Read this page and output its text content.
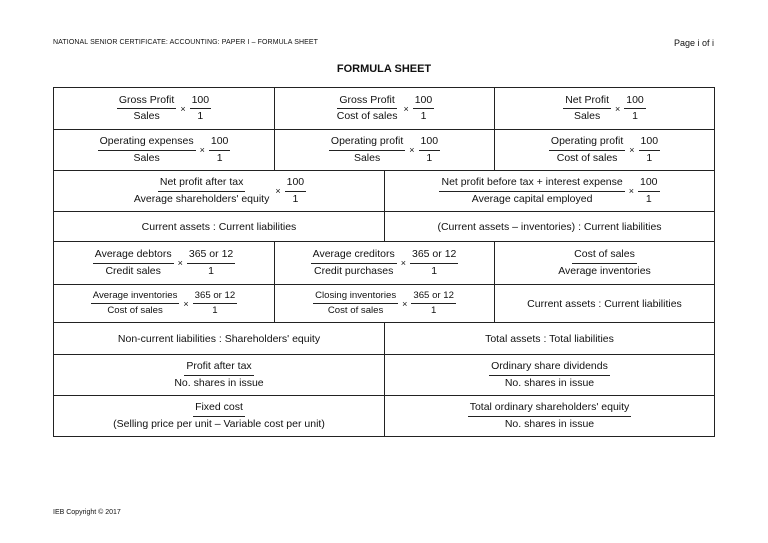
NATIONAL SENIOR CERTIFICATE: ACCOUNTING: PAPER I – FORMULA SHEET	Page i of i
FORMULA SHEET
$\frac{\text{Gross Profit}}{\text{Sales}} \times \frac{100}{1}$	$\frac{\text{Gross Profit}}{\text{Cost of sales}} \times \frac{100}{1}$	$\frac{\text{Net Profit}}{\text{Sales}} \times \frac{100}{1}$
$\frac{\text{Operating expenses}}{\text{Sales}} \times \frac{100}{1}$	$\frac{\text{Operating profit}}{\text{Sales}} \times \frac{100}{1}$	$\frac{\text{Operating profit}}{\text{Cost of sales}} \times \frac{100}{1}$
$\frac{\text{Net profit after tax}}{\text{Average shareholders' equity}} \times \frac{100}{1}$	$\frac{\text{Net profit before tax + interest expense}}{\text{Average capital employed}} \times \frac{100}{1}$
Current assets : Current liabilities	(Current assets – inventories) : Current liabilities
$\frac{\text{Average debtors}}{\text{Credit sales}} \times \frac{365 or 12}{1}$	$\frac{\text{Average creditors}}{\text{Credit purchases}} \times \frac{365 or 12}{1}$	$\frac{\text{Cost of sales}}{\text{Average inventories}}$
$\frac{\text{Average inventories}}{\text{Cost of sales}} \times \frac{365 or 12}{1}$	$\frac{\text{Closing inventories}}{\text{Cost of sales}} \times \frac{365 or 12}{1}$	Current assets : Current liabilities
Non-current liabilities : Shareholders' equity	Total assets : Total liabilities
$\frac{\text{Profit after tax}}{\text{No. shares in issue}}$	$\frac{\text{Ordinary share dividends}}{\text{No. shares in issue}}$
$\frac{\text{Fixed cost}}{\text{(Selling price per unit – Variable cost per unit)}}$	$\frac{\text{Total ordinary shareholders' equity}}{\text{No. shares in issue}}$
IEB Copyright © 2017
